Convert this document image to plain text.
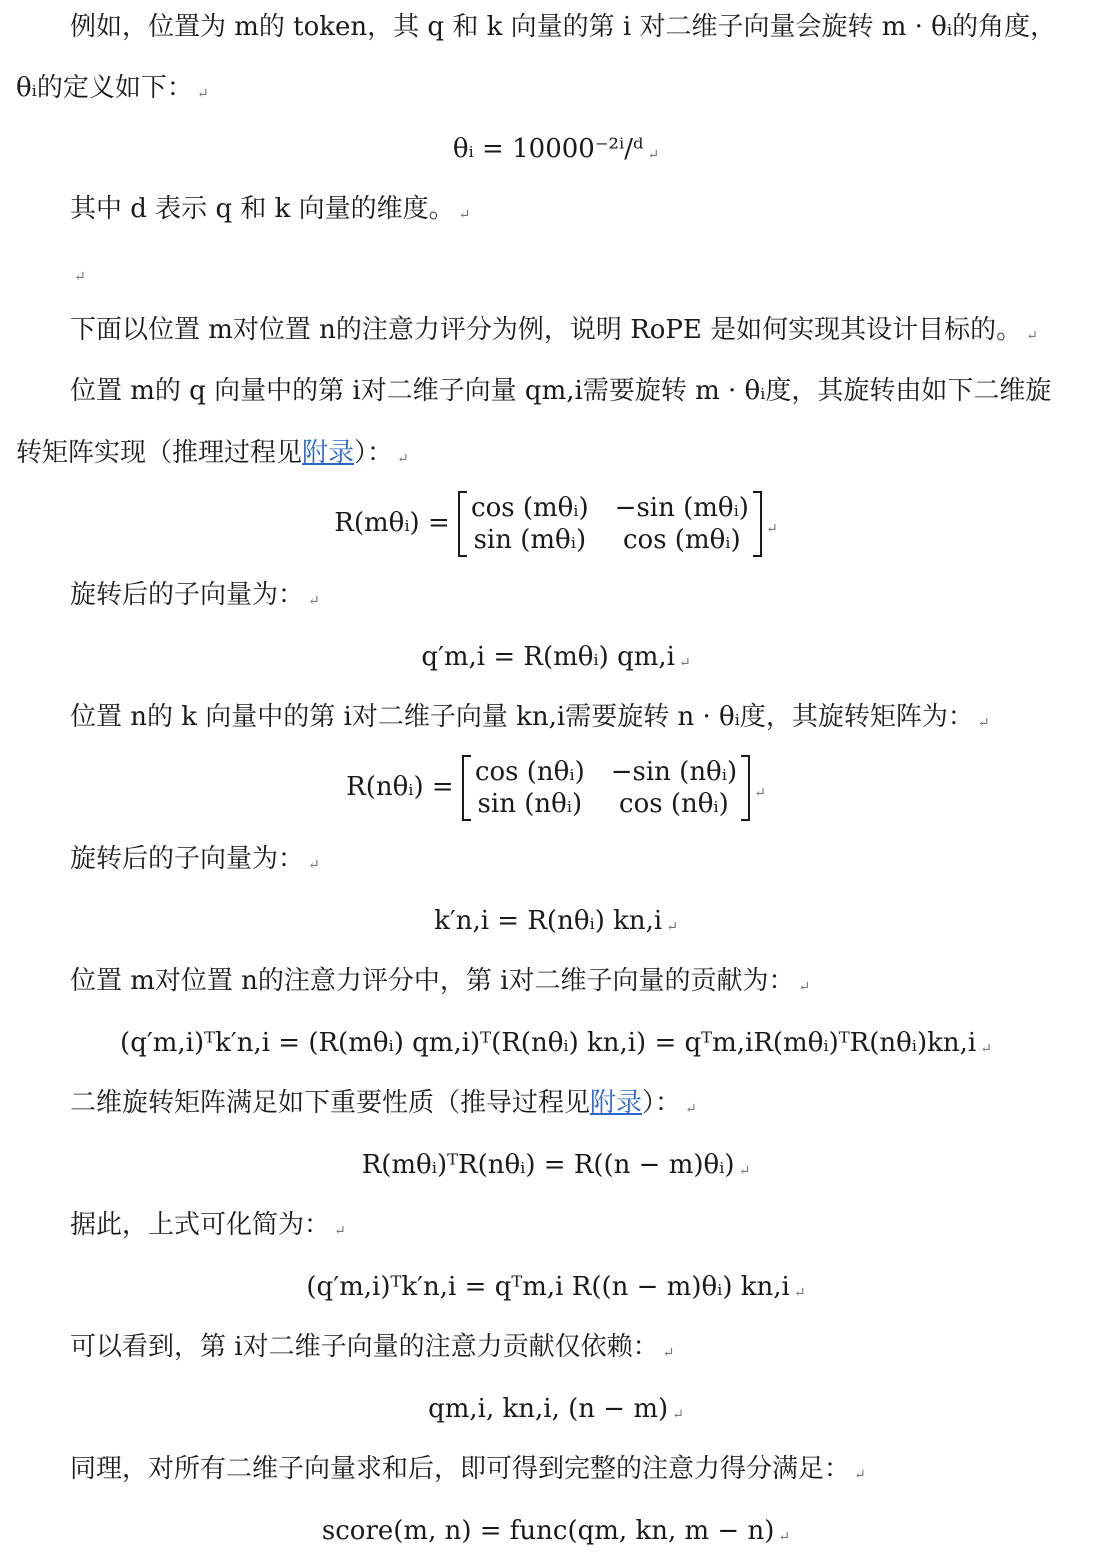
例如，位置为 m的 token，其 q 和 k 向量的第 i 对二维子向量会旋转 m · θᵢ的角度，
θᵢ的定义如下： ↵
θᵢ = 10000⁻²ⁱ/ᵈ ↵
其中 d 表示 q 和 k 向量的维度。 ↵
↵
下面以位置 m对位置 n的注意力评分为例，说明 RoPE 是如何实现其设计目标的。 ↵
位置 m的 q 向量中的第 i对二维子向量 qm,i需要旋转 m · θᵢ度，其旋转由如下二维旋
转矩阵实现（推理过程见附录）： ↵
R(mθᵢ) = cos (mθᵢ) −sin (mθᵢ)
sin (mθᵢ)	cos (mθᵢ)	↵
旋转后的子向量为： ↵
q′m,i = R(mθᵢ) qm,i ↵
位置 n的 k 向量中的第 i对二维子向量 kn,i需要旋转 n · θᵢ度，其旋转矩阵为： ↵
R(nθᵢ) = cos (nθᵢ) −sin (nθᵢ)
sin (nθᵢ)	cos (nθᵢ)	↵
旋转后的子向量为： ↵
k′n,i = R(nθᵢ) kn,i ↵
位置 m对位置 n的注意力评分中，第 i对二维子向量的贡献为： ↵
(q′m,i)ᵀk′n,i = (R(mθᵢ) qm,i)ᵀ(R(nθᵢ) kn,i) = qᵀm,iR(mθᵢ)ᵀR(nθᵢ)kn,i ↵
二维旋转矩阵满足如下重要性质（推导过程见附录）： ↵
R(mθᵢ)ᵀR(nθᵢ) = R((n − m)θᵢ) ↵
据此，上式可化简为： ↵
(q′m,i)ᵀk′n,i = qᵀm,i R((n − m)θᵢ) kn,i ↵
可以看到，第 i对二维子向量的注意力贡献仅依赖： ↵
qm,i, kn,i, (n − m) ↵
同理，对所有二维子向量求和后，即可得到完整的注意力得分满足： ↵
score(m, n) = func(qm, kn, m − n) ↵
